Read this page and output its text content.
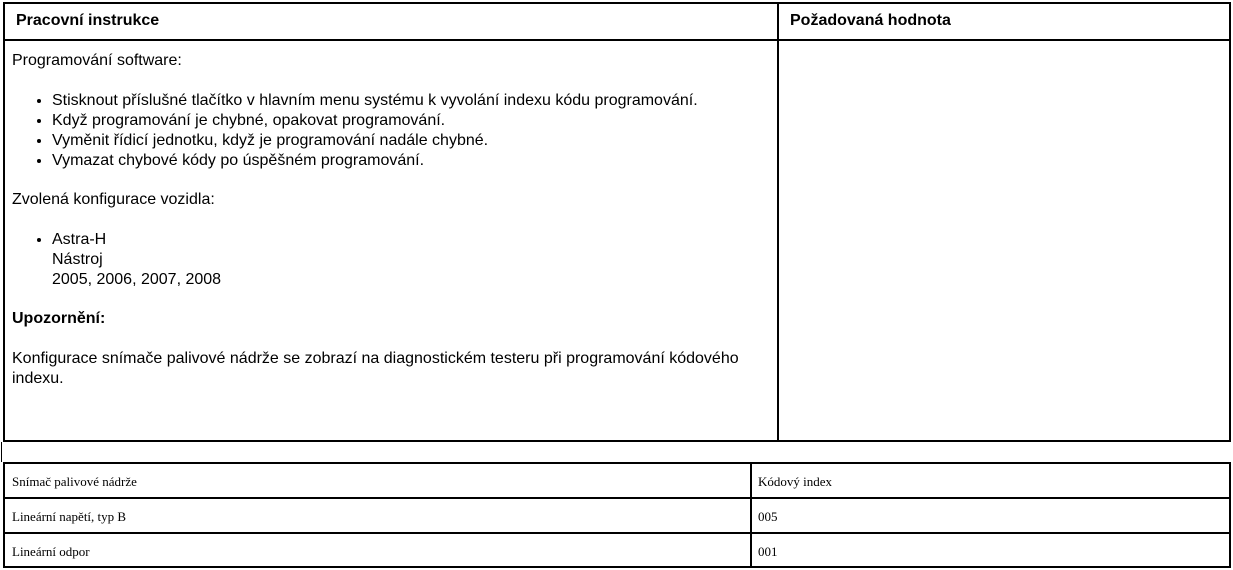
Pracovní instrukce	Požadovaná hodnota

Programování software:

• Stisknout příslušné tlačítko v hlavním menu systému k vyvolání indexu kódu programování.
• Když programování je chybné, opakovat programování.
• Vyměnit řídicí jednotku, když je programování nadále chybné.
• Vymazat chybové kódy po úspěšném programování.

Zvolená konfigurace vozidla:

• Astra-H
Nástroj
2005, 2006, 2007, 2008

Upozornění:

Konfigurace snímače palivové nádrže se zobrazí na diagnostickém testeru při programování kódového indexu.

Snímač palivové nádrže	Kódový index
Lineární napětí, typ B	005
Lineární odpor	001
